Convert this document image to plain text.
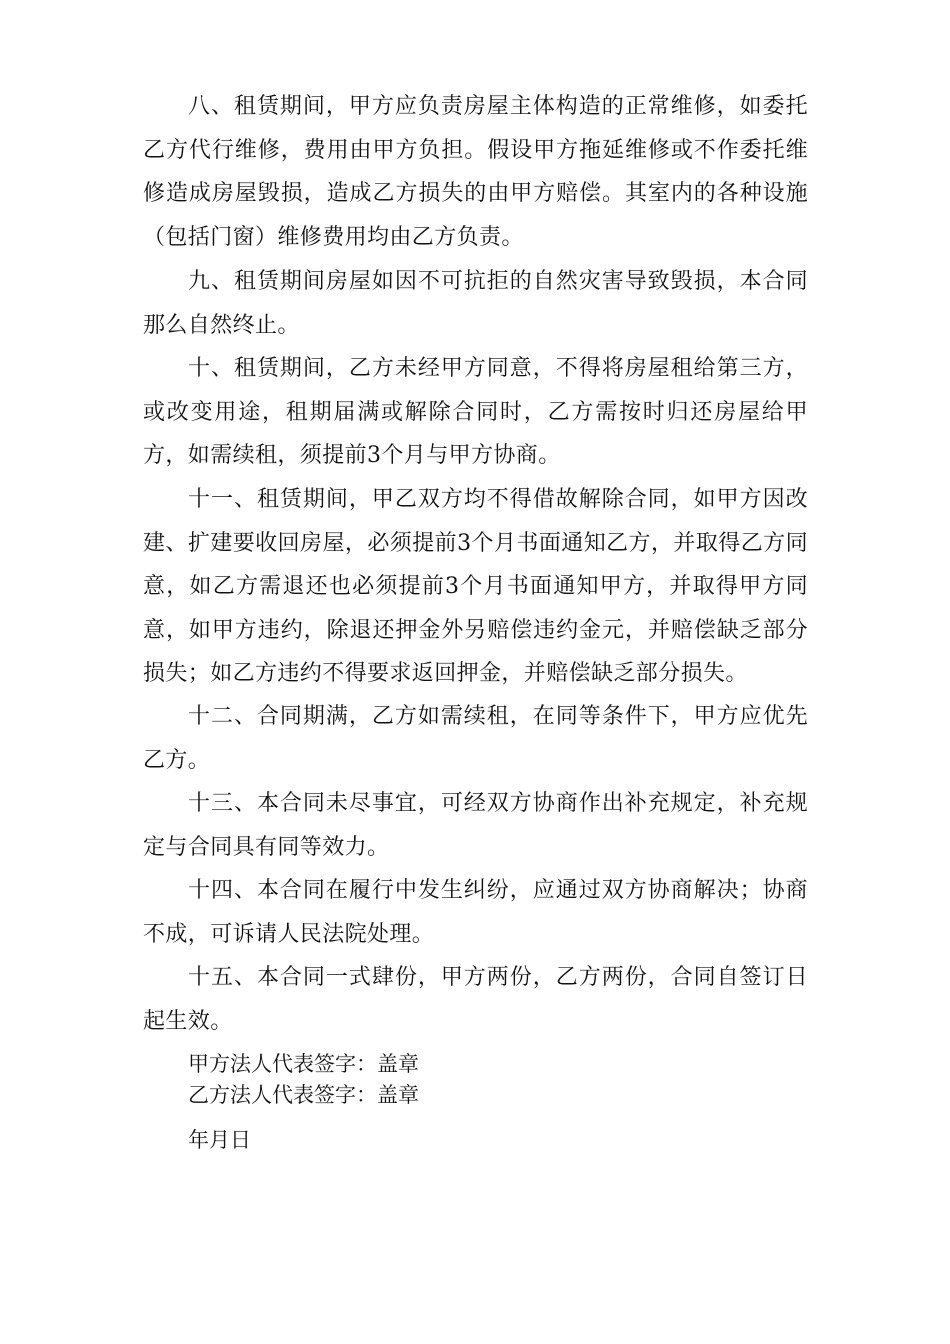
八、租赁期间，甲方应负责房屋主体构造的正常维修，如委托乙方代行维修，费用由甲方负担。假设甲方拖延维修或不作委托维修造成房屋毁损，造成乙方损失的由甲方赔偿。其室内的各种设施（包括门窗）维修费用均由乙方负责。

九、租赁期间房屋如因不可抗拒的自然灾害导致毁损，本合同那么自然终止。

十、租赁期间，乙方未经甲方同意，不得将房屋租给第三方，或改变用途，租期届满或解除合同时，乙方需按时归还房屋给甲方，如需续租，须提前3个月与甲方协商。

十一、租赁期间，甲乙双方均不得借故解除合同，如甲方因改建、扩建要收回房屋，必须提前3个月书面通知乙方，并取得乙方同意，如乙方需退还也必须提前3个月书面通知甲方，并取得甲方同意，如甲方违约，除退还押金外另赔偿违约金元，并赔偿缺乏部分损失；如乙方违约不得要求返回押金，并赔偿缺乏部分损失。

十二、合同期满，乙方如需续租，在同等条件下，甲方应优先乙方。

十三、本合同未尽事宜，可经双方协商作出补充规定，补充规定与合同具有同等效力。

十四、本合同在履行中发生纠纷，应通过双方协商解决；协商不成，可诉请人民法院处理。

十五、本合同一式肆份，甲方两份，乙方两份，合同自签订日起生效。

甲方法人代表签字：盖章

乙方法人代表签字：盖章

年月日
